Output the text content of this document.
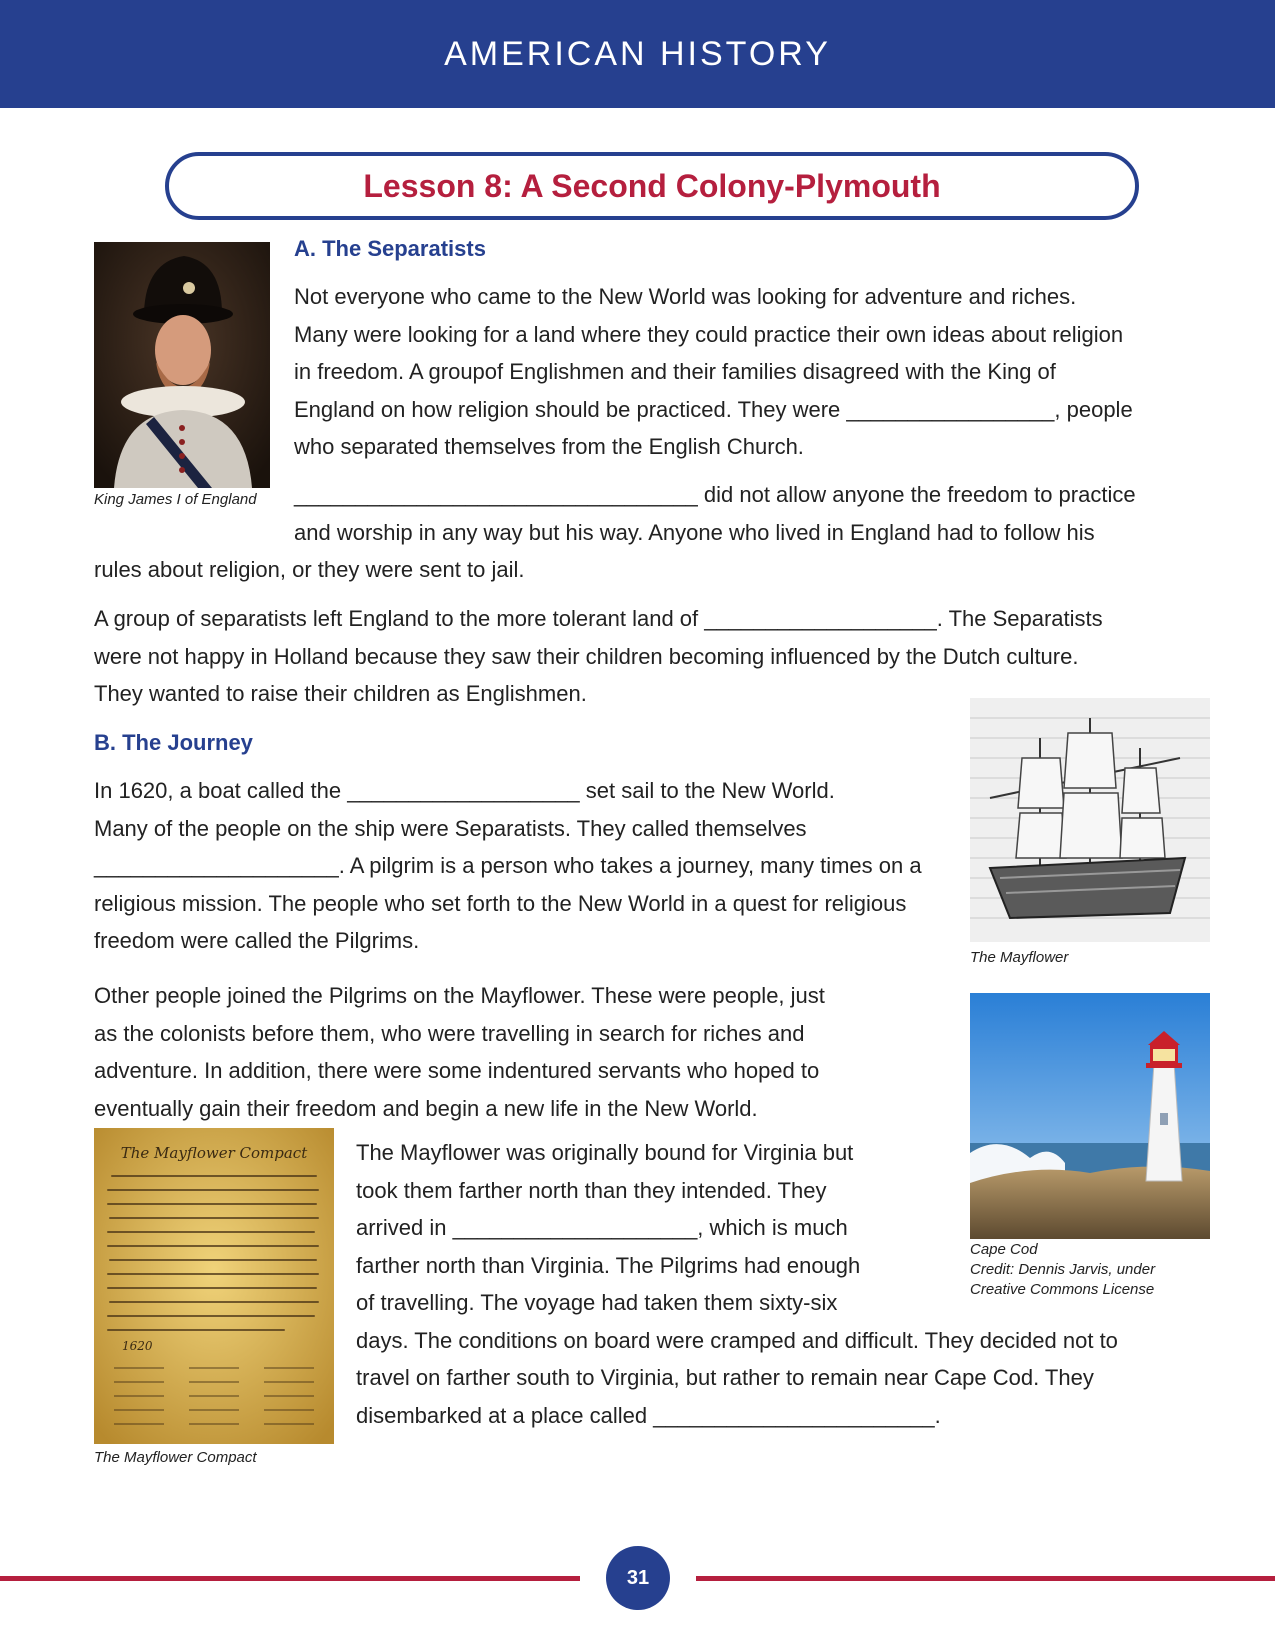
AMERICAN HISTORY
Lesson 8: A Second Colony-Plymouth
King James I of England
A. The Separatists
Not everyone who came to the New World was looking for adventure and riches.
Many were looking for a land where they could practice their own ideas about religion
in freedom. A groupof Englishmen and their families disagreed with the King of
England on how religion should be practiced. They were _________________, people
who separated themselves from the English Church.
_________________________________ did not allow anyone the freedom to practice
and worship in any way but his way. Anyone who lived in England had to follow his
rules about religion, or they were sent to jail.
A group of separatists left England to the more tolerant land of ___________________. The Separatists
were not happy in Holland because they saw their children becoming influenced by the Dutch culture.
They wanted to raise their children as Englishmen.
B. The Journey
The Mayflower
In 1620, a boat called the ___________________ set sail to the New World.
Many of the people on the ship were Separatists. They called themselves
____________________. A pilgrim is a person who takes a journey, many times on a
religious mission. The people who set forth to the New World in a quest for religious
freedom were called the Pilgrims.
Other people joined the Pilgrims on the Mayflower. These were people, just
as the colonists before them, who were travelling in search for riches and
adventure. In addition, there were some indentured servants who hoped to
eventually gain their freedom and begin a new life in the New World.
Cape Cod
Credit: Dennis Jarvis, under
Creative Commons License
The Mayflower Compact
1620
The Mayflower Compact
The Mayflower was originally bound for Virginia but
took them farther north than they intended. They
arrived in ____________________, which is much
farther north than Virginia. The Pilgrims had enough
of travelling. The voyage had taken them sixty-six
days. The conditions on board were cramped and difficult. They decided not to
travel on farther south to Virginia, but rather to remain near Cape Cod. They
disembarked at a place called _______________________.
31
